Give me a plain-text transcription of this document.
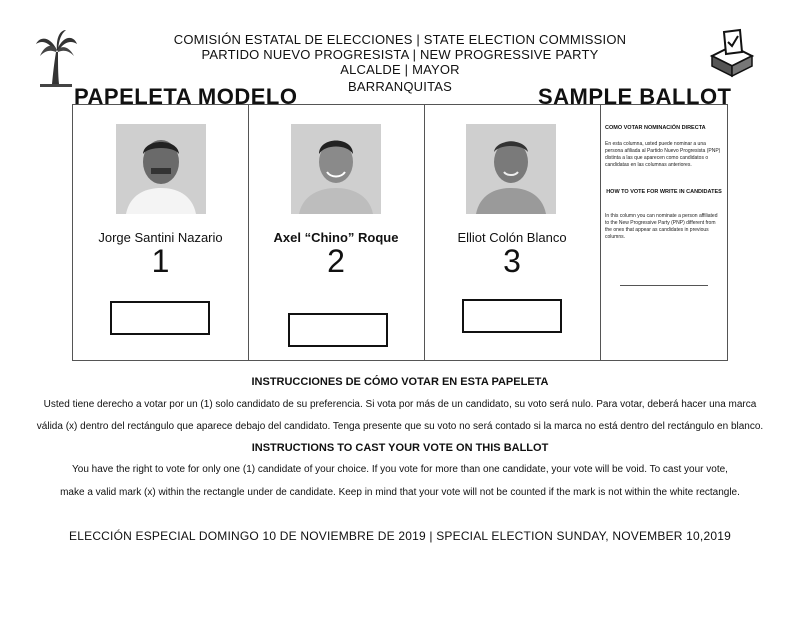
COMISIÓN ESTATAL DE ELECCIONES | STATE ELECTION COMMISSION
PARTIDO NUEVO PROGRESISTA | NEW PROGRESSIVE PARTY
ALCALDE | MAYOR
BARRANQUITAS
PAPELETA MODELO	SAMPLE BALLOT
Jorge Santini Nazario
1
Axel “Chino” Roque
2
Elliot Colón Blanco
3
COMO VOTAR NOMINACIÓN DIRECTA
En esta columna, usted puede nominar a una persona afiliada al Partido Nuevo Progresista (PNP) distinta a las que aparecen como candidatos o candidatas en las columnas anteriores.
HOW TO VOTE FOR WRITE IN CANDIDATES
In this column you can nominate a person affiliated to the New Progressive Party (PNP) different from the ones that appear as candidates in previous columns.
INSTRUCCIONES DE CÓMO VOTAR EN ESTA PAPELETA
Usted tiene derecho a votar por un (1) solo candidato de su preferencia. Si vota por más de un candidato, su voto será nulo. Para votar, deberá hacer una marca
válida (x) dentro del rectángulo que aparece debajo del candidato. Tenga presente que su voto no será contado si la marca no está dentro del rectángulo en blanco.
INSTRUCTIONS TO CAST YOUR VOTE ON THIS BALLOT
You have the right to vote for only one (1) candidate of your choice. If you vote for more than one candidate, your vote will be void. To cast your vote,
make a valid mark (x) within the rectangle under de candidate. Keep in mind that your vote will not be counted if the mark is not within the white rectangle.
ELECCIÓN ESPECIAL DOMINGO 10 DE NOVIEMBRE DE 2019 | SPECIAL ELECTION SUNDAY, NOVEMBER 10,2019
